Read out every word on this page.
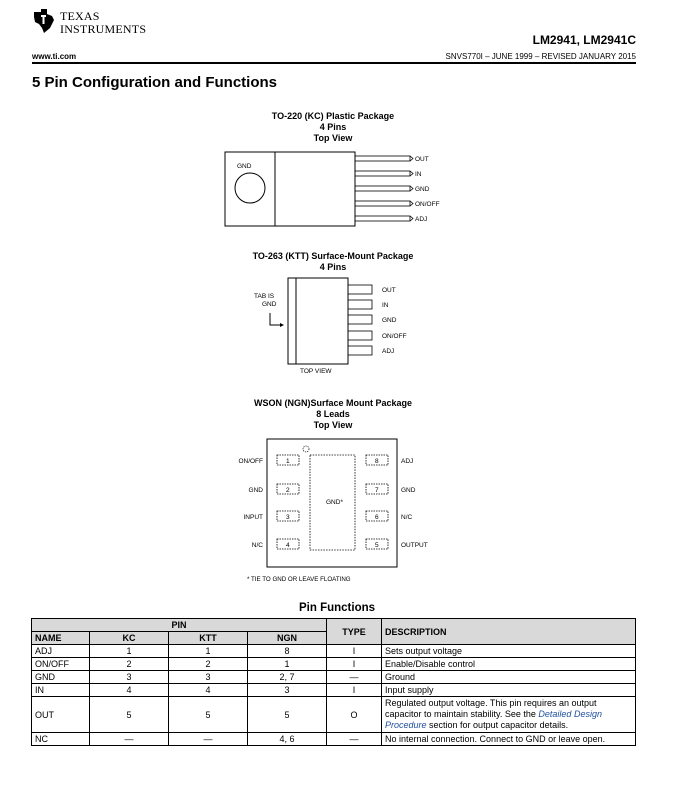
TEXAS
INSTRUMENTS
LM2941, LM2941C
www.ti.com	SNVS770I – JUNE 1999 – REVISED JANUARY 2015
5 Pin Configuration and Functions
TO-220 (KC) Plastic Package
4 Pins
Top View
GND
OUT
IN
GND
ON/OFF
ADJ
TO-263 (KTT) Surface-Mount Package
4 Pins
TAB IS
GND
OUT
IN
GND
ON/OFF
ADJ
TOP VIEW
WSON (NGN)Surface Mount Package
8 Leads
Top View
GND*
1
2
3
4
8
7
6
5
ON/OFF
GND
INPUT
N/C
ADJ
GND
N/C
OUTPUT
* TIE TO GND OR LEAVE FLOATING
Pin Functions
PIN				TYPE	DESCRIPTION
NAME	KC	KTT	NGN		
ADJ	1	1	8	I	Sets output voltage
ON/OFF	2	2	1	I	Enable/Disable control
GND	3	3	2, 7	—	Ground
IN	4	4	3	I	Input supply
OUT	5	5	5	O	Regulated output voltage. This pin requires an output capacitor to maintain stability. See the Detailed Design Procedure section for output capacitor details.
NC	—	—	4, 6	—	No internal connection. Connect to GND or leave open.
